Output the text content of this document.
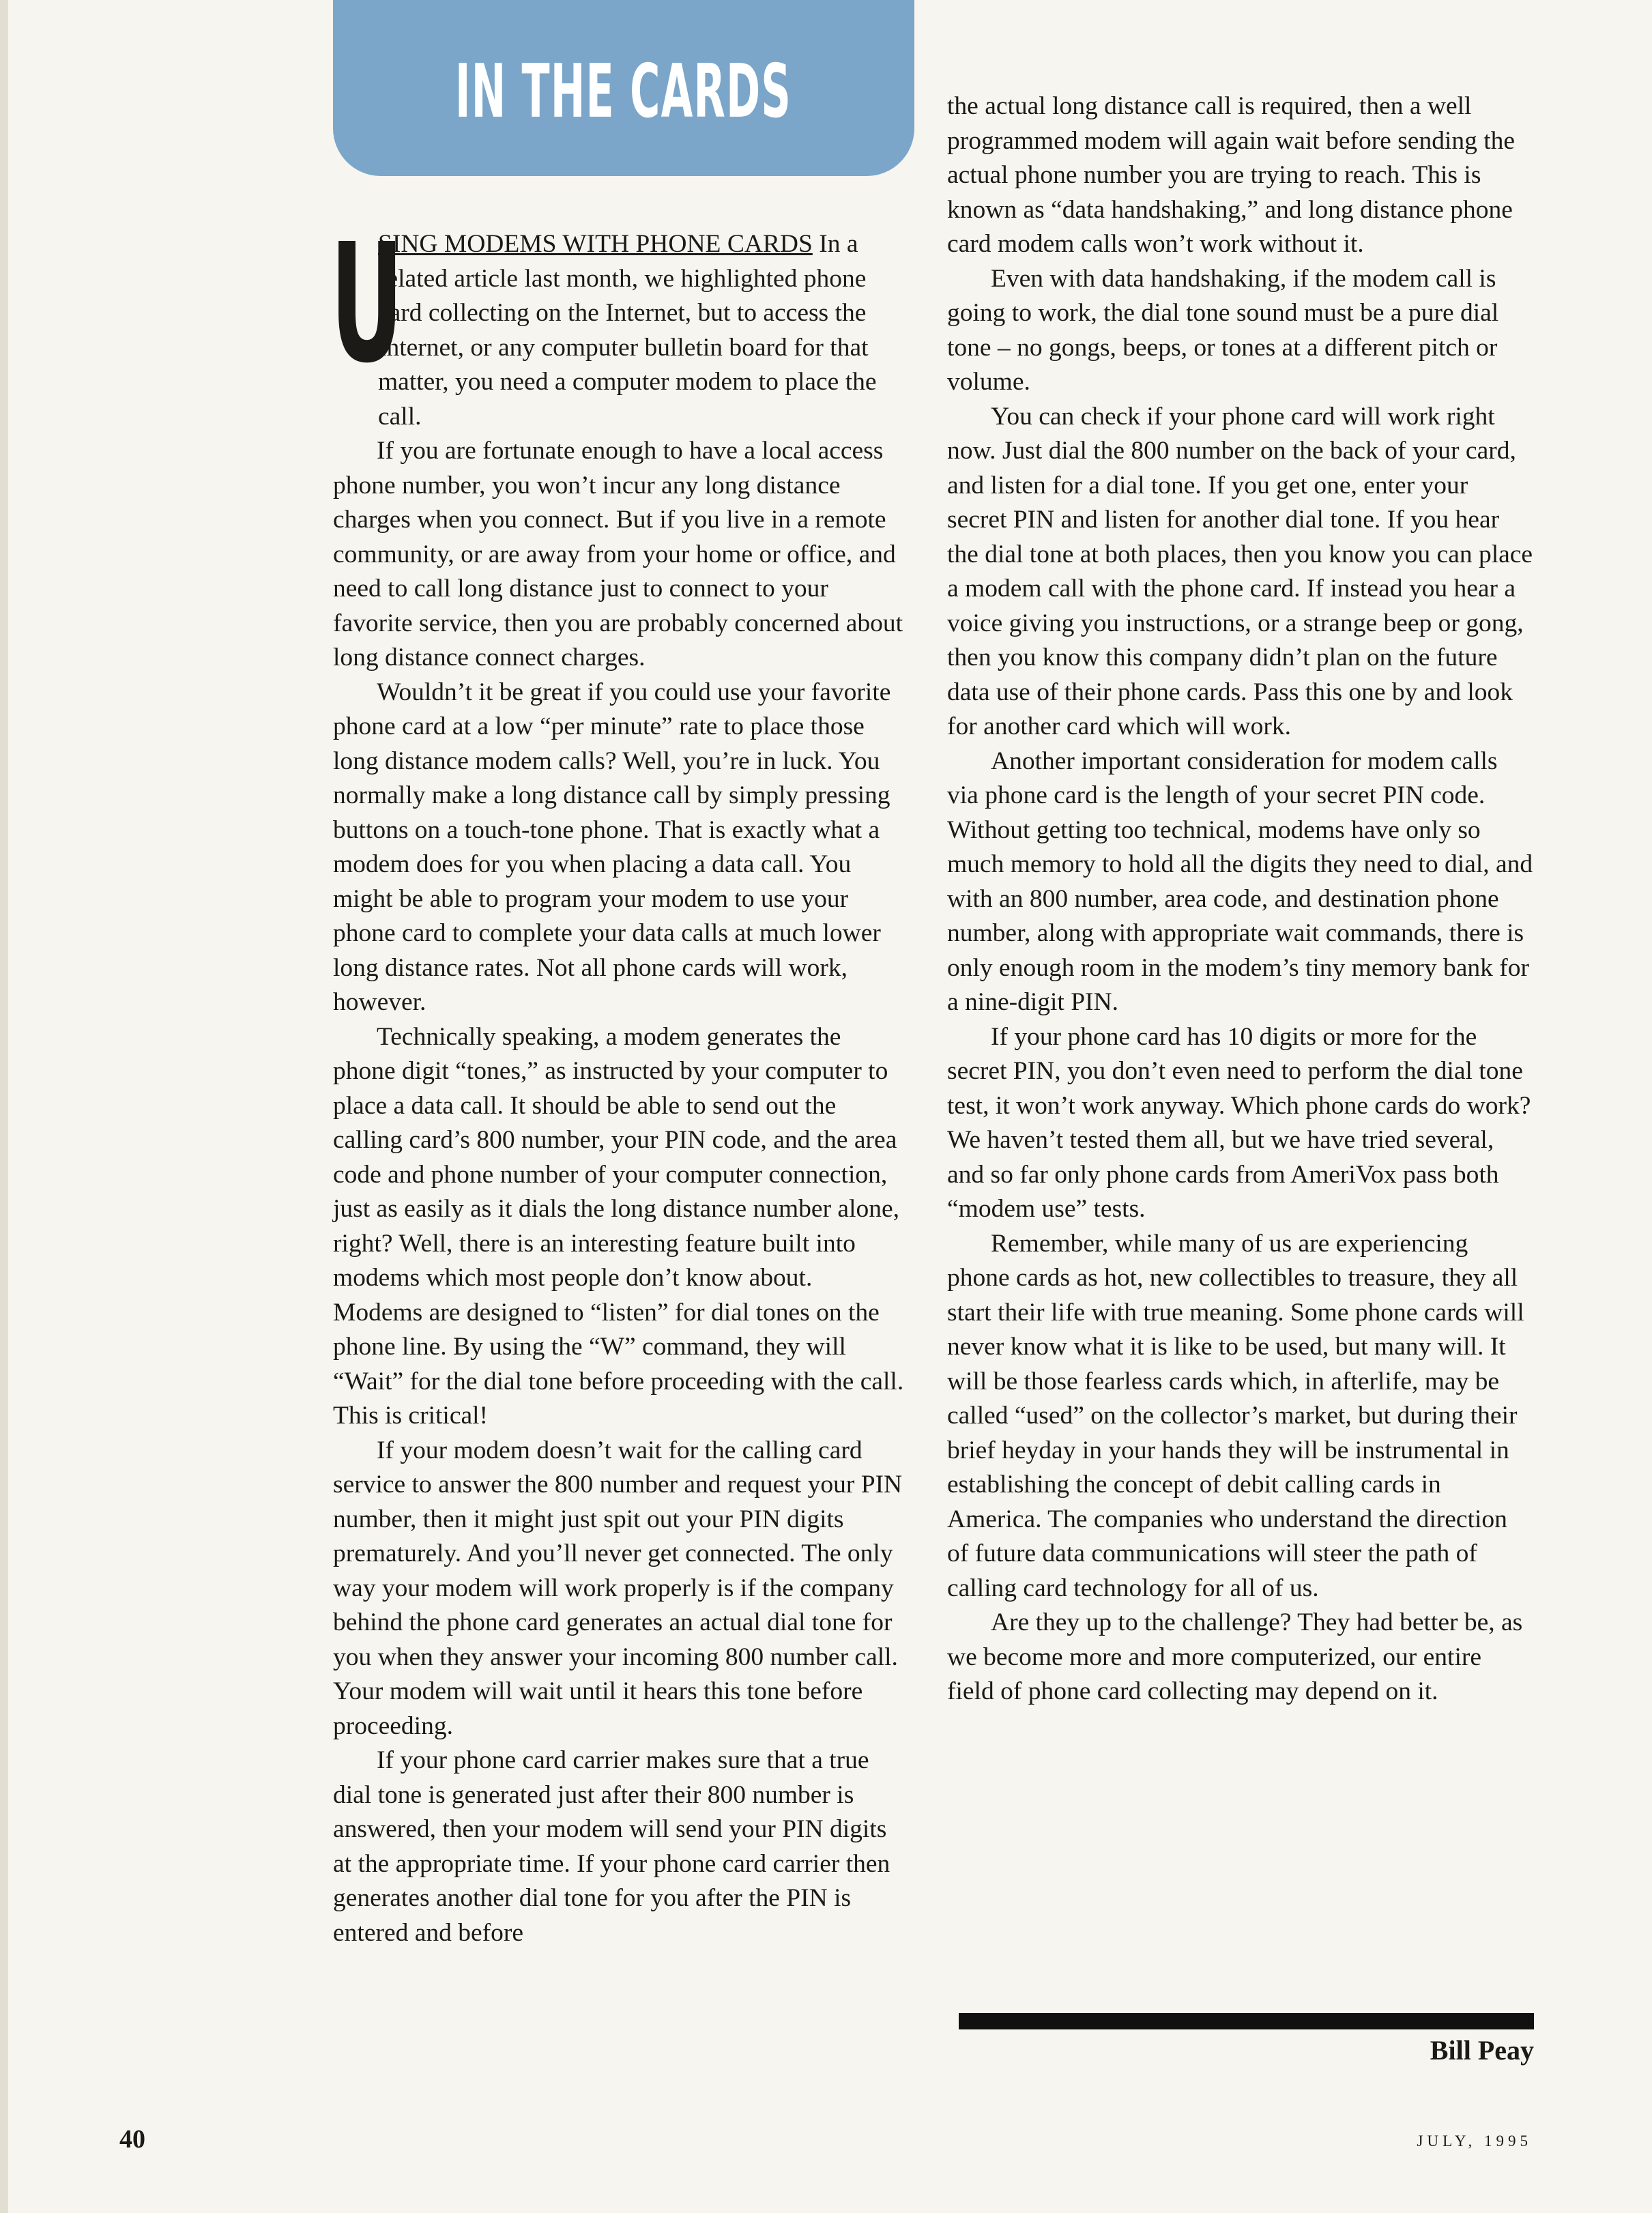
IN THE CARDS

U
SING MODEMS WITH PHONE CARDS In a related article last month, we highlighted phone card collecting on the Internet, but to access the Internet, or any computer bulletin board for that matter, you need a computer modem to place the call.

If you are fortunate enough to have a local access phone number, you won’t incur any long distance charges when you connect. But if you live in a remote community, or are away from your home or office, and need to call long distance just to connect to your favorite service, then you are probably concerned about long distance connect charges.

Wouldn’t it be great if you could use your favorite phone card at a low “per minute” rate to place those long distance modem calls? Well, you’re in luck. You normally make a long distance call by simply pressing buttons on a touch-tone phone. That is exactly what a modem does for you when placing a data call. You might be able to program your modem to use your phone card to complete your data calls at much lower long distance rates. Not all phone cards will work, however.

Technically speaking, a modem generates the phone digit “tones,” as instructed by your computer to place a data call. It should be able to send out the calling card’s 800 number, your PIN code, and the area code and phone number of your computer connection, just as easily as it dials the long distance number alone, right? Well, there is an interesting feature built into modems which most people don’t know about. Modems are designed to “listen” for dial tones on the phone line. By using the “W” command, they will “Wait” for the dial tone before proceeding with the call. This is critical!

If your modem doesn’t wait for the calling card service to answer the 800 number and request your PIN number, then it might just spit out your PIN digits prematurely. And you’ll never get connected. The only way your modem will work properly is if the company behind the phone card generates an actual dial tone for you when they answer your incoming 800 number call. Your modem will wait until it hears this tone before proceeding.

If your phone card carrier makes sure that a true dial tone is generated just after their 800 number is answered, then your modem will send your PIN digits at the appropriate time. If your phone card carrier then generates another dial tone for you after the PIN is entered and before

the actual long distance call is required, then a well programmed modem will again wait before sending the actual phone number you are trying to reach. This is known as “data handshaking,” and long distance phone card modem calls won’t work without it.

Even with data handshaking, if the modem call is going to work, the dial tone sound must be a pure dial tone – no gongs, beeps, or tones at a different pitch or volume.

You can check if your phone card will work right now. Just dial the 800 number on the back of your card, and listen for a dial tone. If you get one, enter your secret PIN and listen for another dial tone. If you hear the dial tone at both places, then you know you can place a modem call with the phone card. If instead you hear a voice giving you instructions, or a strange beep or gong, then you know this company didn’t plan on the future data use of their phone cards. Pass this one by and look for another card which will work.

Another important consideration for modem calls via phone card is the length of your secret PIN code. Without getting too technical, modems have only so much memory to hold all the digits they need to dial, and with an 800 number, area code, and destination phone number, along with appropriate wait commands, there is only enough room in the modem’s tiny memory bank for a nine-digit PIN.

If your phone card has 10 digits or more for the secret PIN, you don’t even need to perform the dial tone test, it won’t work anyway. Which phone cards do work? We haven’t tested them all, but we have tried several, and so far only phone cards from AmeriVox pass both “modem use” tests.

Remember, while many of us are experiencing phone cards as hot, new collectibles to treasure, they all start their life with true meaning. Some phone cards will never know what it is like to be used, but many will. It will be those fearless cards which, in afterlife, may be called “used” on the collector’s market, but during their brief heyday in your hands they will be instrumental in establishing the concept of debit calling cards in America. The companies who understand the direction of future data communications will steer the path of calling card technology for all of us.

Are they up to the challenge? They had better be, as we become more and more computerized, our entire field of phone card collecting may depend on it.

Bill Peay
40	JULY, 1995
